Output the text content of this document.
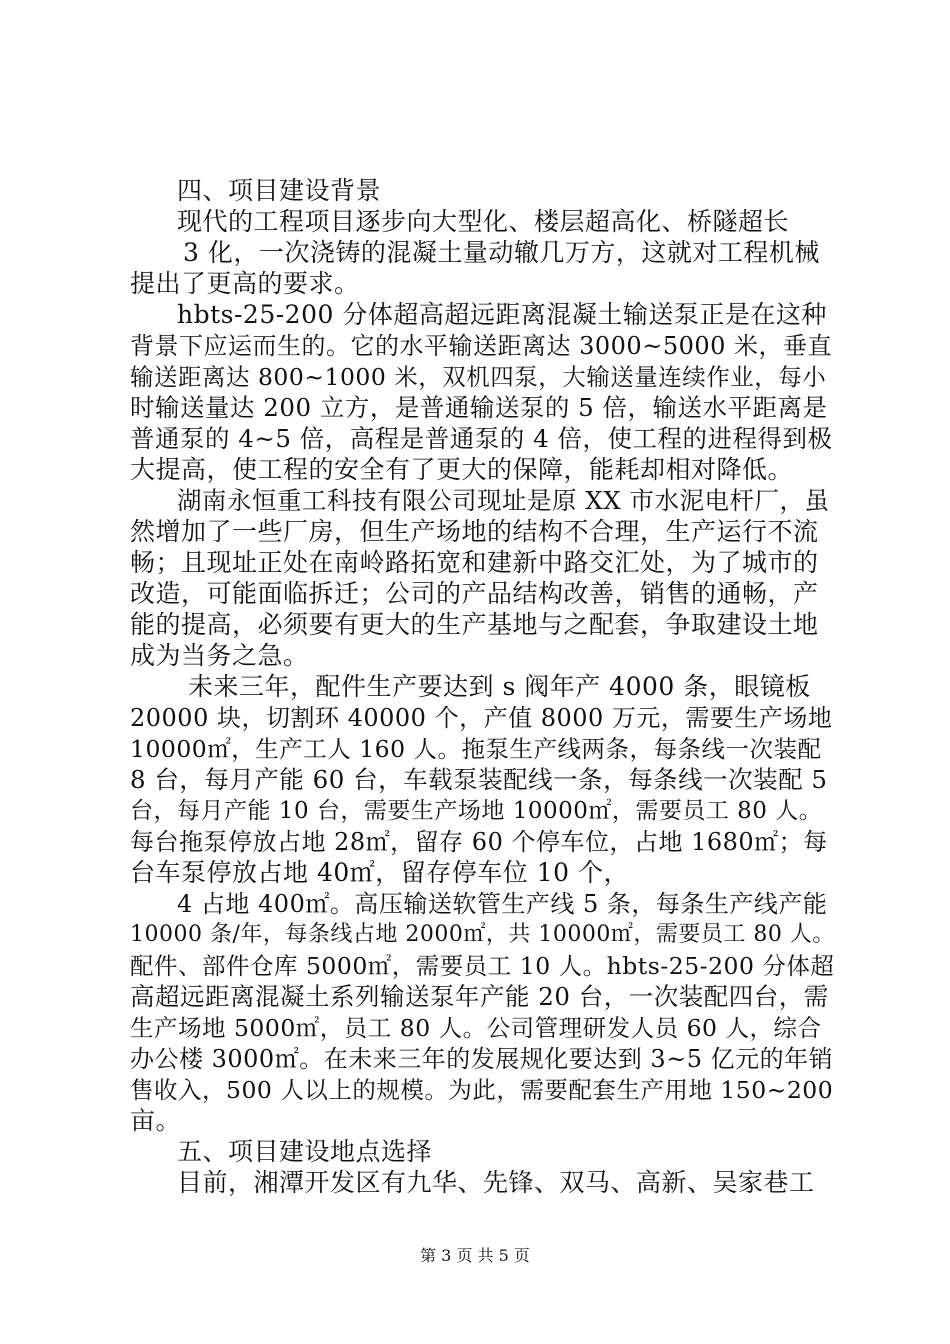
四、项目建设背景
现代的工程项目逐步向大型化、楼层超高化、桥隧超长
3 化，一次浇铸的混凝土量动辙几万方，这就对工程机械
提出了更高的要求。
hbts-25-200 分体超高超远距离混凝土输送泵正是在这种
背景下应运而生的。它的水平输送距离达 3000~5000 米，垂直
输送距离达 800~1000 米，双机四泵，大输送量连续作业，每小
时输送量达 200 立方，是普通输送泵的 5 倍，输送水平距离是
普通泵的 4~5 倍，高程是普通泵的 4 倍，使工程的进程得到极
大提高，使工程的安全有了更大的保障，能耗却相对降低。
湖南永恒重工科技有限公司现址是原 XX 市水泥电杆厂，虽
然增加了一些厂房，但生产场地的结构不合理，生产运行不流
畅；且现址正处在南岭路拓宽和建新中路交汇处，为了城市的
改造，可能面临拆迁；公司的产品结构改善，销售的通畅，产
能的提高，必须要有更大的生产基地与之配套，争取建设土地
成为当务之急。
未来三年，配件生产要达到 s 阀年产 4000 条，眼镜板
20000 块，切割环 40000 个，产值 8000 万元，需要生产场地
10000㎡，生产工人 160 人。拖泵生产线两条，每条线一次装配
8 台，每月产能 60 台，车载泵装配线一条，每条线一次装配 5
台，每月产能 10 台，需要生产场地 10000㎡，需要员工 80 人。
每台拖泵停放占地 28㎡，留存 60 个停车位，占地 1680㎡；每
台车泵停放占地 40㎡，留存停车位 10 个，
4 占地 400㎡。高压输送软管生产线 5 条，每条生产线产能
10000 条/年，每条线占地 2000㎡，共 10000㎡，需要员工 80 人。
配件、部件仓库 5000㎡，需要员工 10 人。hbts-25-200 分体超
高超远距离混凝土系列输送泵年产能 20 台，一次装配四台，需
生产场地 5000㎡，员工 80 人。公司管理研发人员 60 人，综合
办公楼 3000㎡。在未来三年的发展规化要达到 3~5 亿元的年销
售收入，500 人以上的规模。为此，需要配套生产用地 150~200
亩。
五、项目建设地点选择
目前，湘潭开发区有九华、先锋、双马、高新、吴家巷工
第 3 页 共 5 页
